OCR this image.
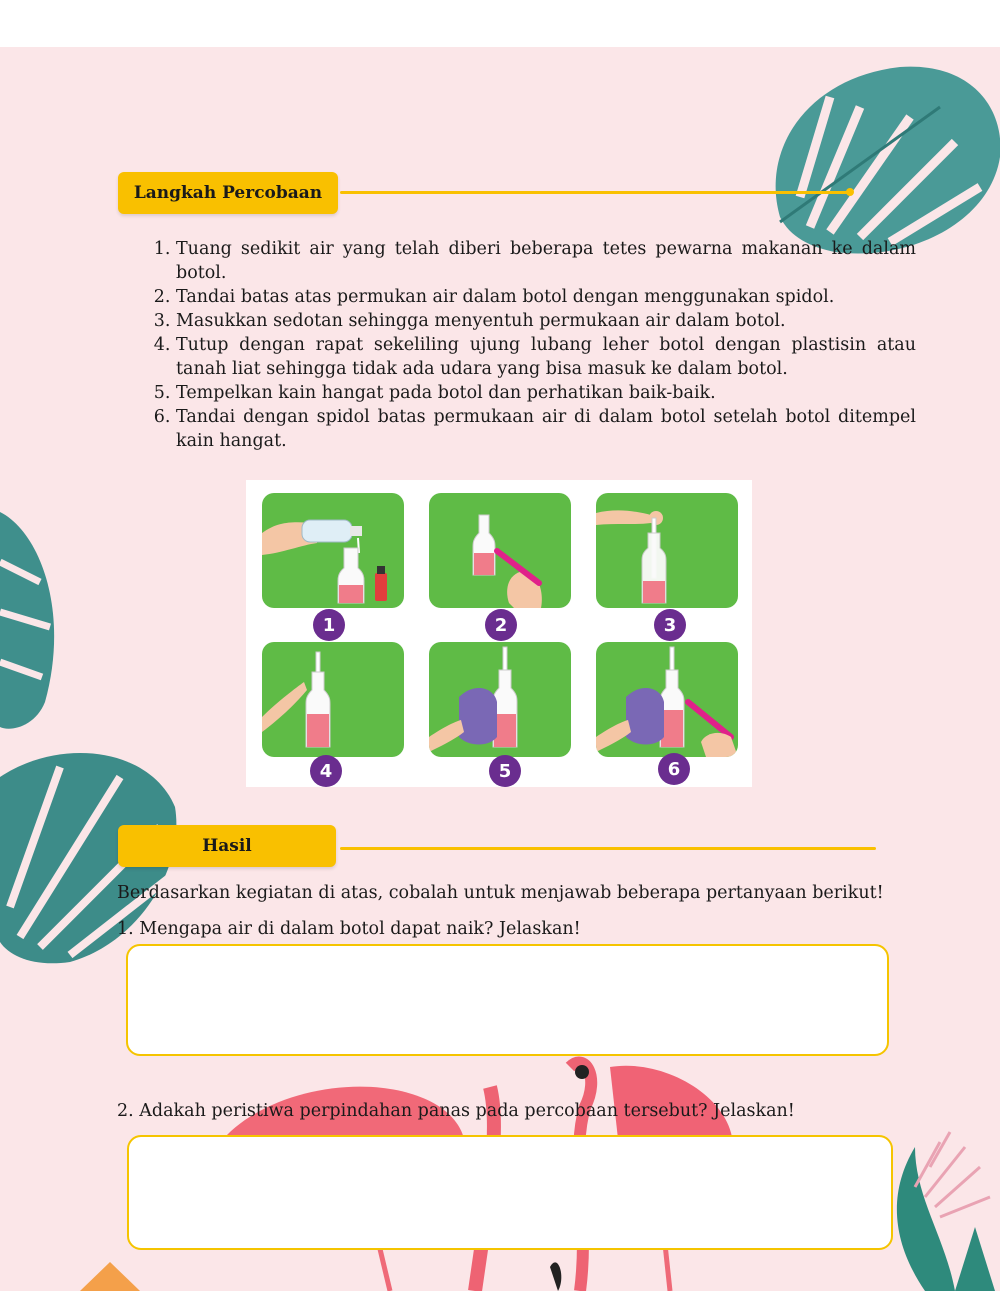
Langkah Percobaan
1. Tuang sedikit air yang telah diberi beberapa tetes pewarna makanan ke dalam botol.
2. Tandai batas atas permukan air dalam botol dengan menggunakan spidol.
3. Masukkan sedotan sehingga menyentuh permukaan air dalam botol.
4. Tutup dengan rapat sekeliling ujung lubang leher botol dengan plastisin atau tanah liat sehingga tidak ada udara yang bisa masuk ke dalam botol.
5. Tempelkan kain hangat pada botol dan perhatikan baik-baik.
6. Tandai dengan spidol batas permukaan air di dalam botol setelah botol ditempel kain hangat.
1	2	3
4	5	6
Hasil
Berdasarkan kegiatan di atas, cobalah untuk menjawab beberapa pertanyaan berikut!
1. Mengapa air di dalam botol dapat naik? Jelaskan!
2. Adakah peristiwa perpindahan panas pada percobaan tersebut? Jelaskan!
